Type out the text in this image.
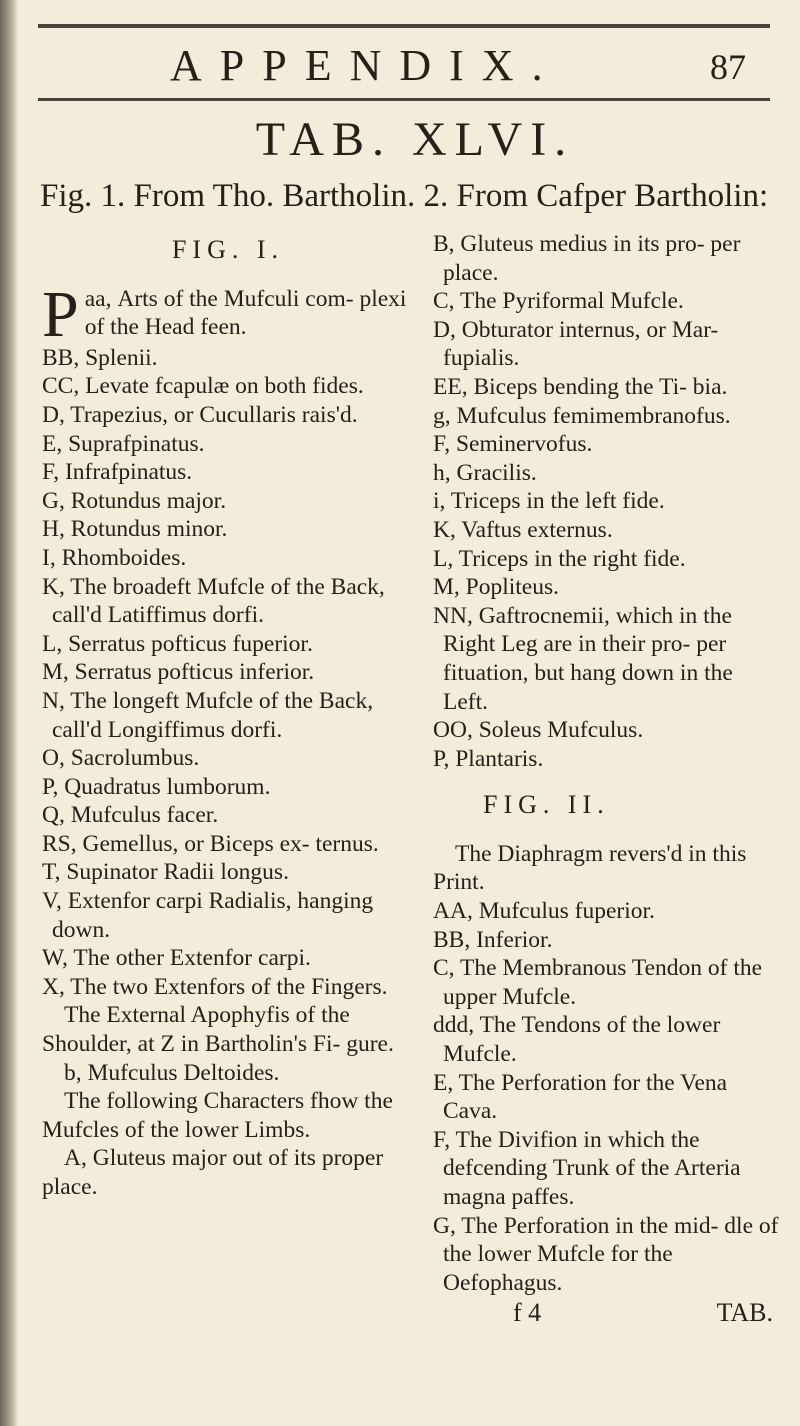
APPENDIX.	87
TAB. XLVI.
Fig. 1. From Tho. Bartholin. 2. From Cafper Bartholin:
FIG. I.

aa,
P Arts of the Mufculi com- plexi of the Head feen.

BB, Splenii.

CC, Levate fcapulæ on both fides.

D, Trapezius, or Cucullaris rais'd.

E, Suprafpinatus.

F, Infrafpinatus.

G, Rotundus major.

H, Rotundus minor.

I, Rhomboides.

K, The broadeft Mufcle of the Back, call'd Latiffimus dorfi.

L, Serratus pofticus fuperior.

M, Serratus pofticus inferior.

N, The longeft Mufcle of the Back, call'd Longiffimus dorfi.

O, Sacrolumbus.

P, Quadratus lumborum.

Q, Mufculus facer.

RS, Gemellus, or Biceps ex- ternus.

T, Supinator Radii longus.

V, Extenfor carpi Radialis, hanging down.

W, The other Extenfor carpi.

X, The two Extenfors of the Fingers.

The External Apophyfis of the Shoulder, at Z in Bartholin's Fi- gure.

b, Mufculus Deltoides.

The following Characters fhow the Mufcles of the lower Limbs.

A, Gluteus major out of its proper place.

B, Gluteus medius in its pro- per place.

C, The Pyriformal Mufcle.

D, Obturator internus, or Mar- fupialis.

EE, Biceps bending the Ti- bia.

g, Mufculus femimembranofus.

F, Seminervofus.

h, Gracilis.

i, Triceps in the left fide.

K, Vaftus externus.

L, Triceps in the right fide.

M, Popliteus.

NN, Gaftrocnemii, which in the Right Leg are in their pro- per fituation, but hang down in the Left.

OO, Soleus Mufculus.

P, Plantaris.

FIG. II.

The Diaphragm revers'd in this Print.

AA, Mufculus fuperior.

BB, Inferior.

C, The Membranous Tendon of the upper Mufcle.

ddd, The Tendons of the lower Mufcle.

E, The Perforation for the Vena Cava.

F, The Divifion in which the defcending Trunk of the Arteria magna paffes.

G, The Perforation in the mid- dle of the lower Mufcle for the Oefophagus.

f 4	TAB.
